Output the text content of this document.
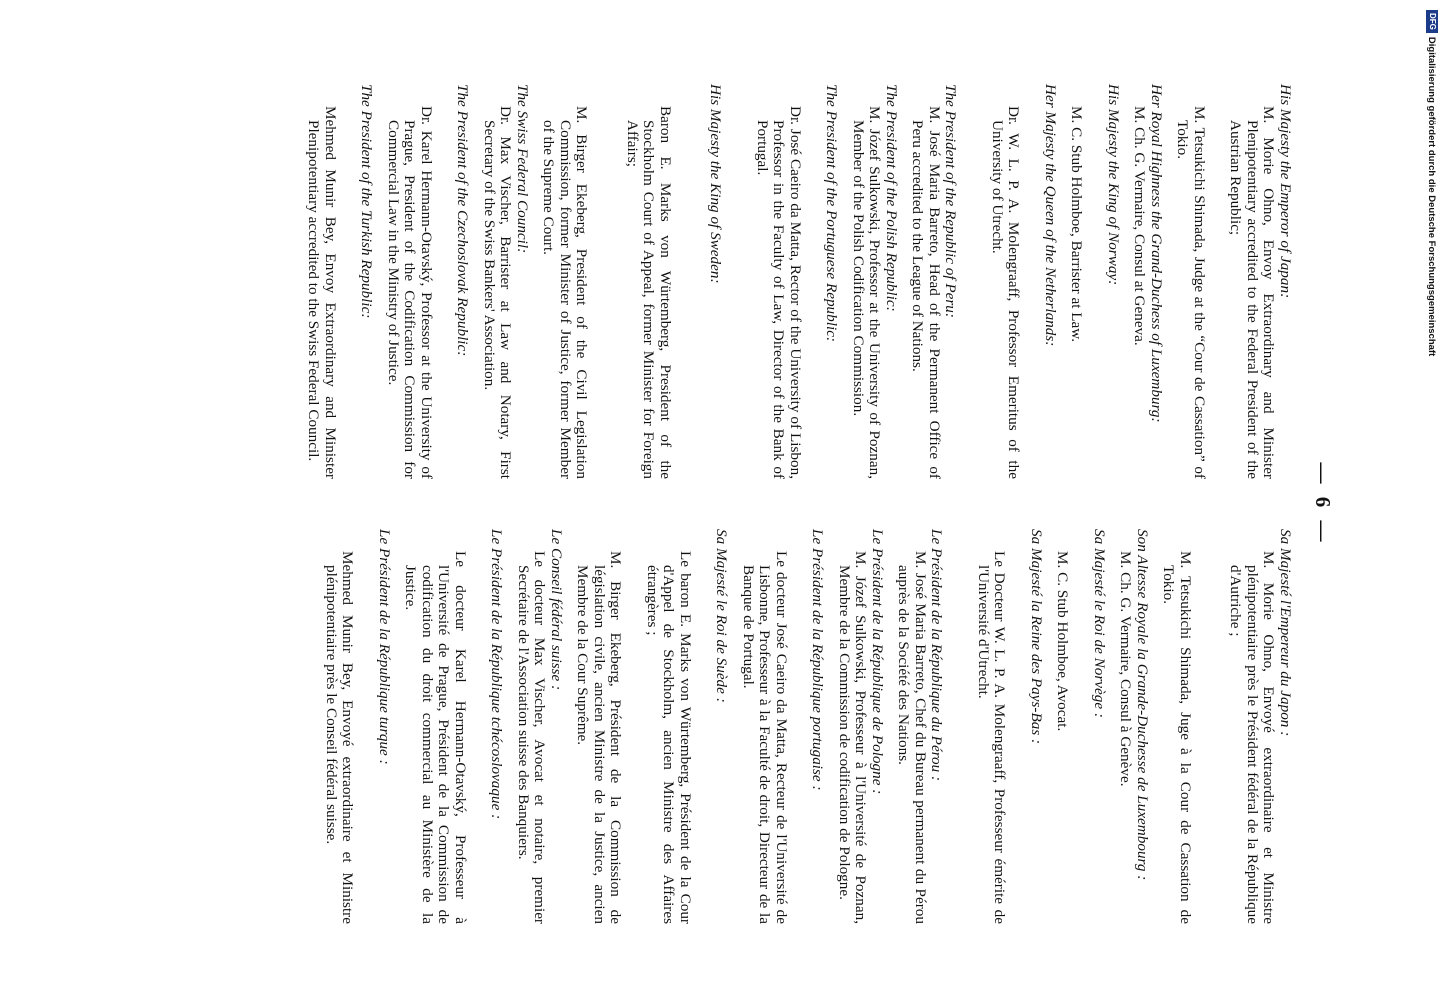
— 6 —

His Majesty the Emperor of Japan:

M. Morie Ohno, Envoy Extraordinary and Minister Plenipotentiary accredited to the Federal President of the Austrian Republic;

M. Tetsukichi Shimada, Judge at the “Cour de Cassation” of Tokio.

Her Royal Highness the Grand-Duchess of Luxemburg:

M. Ch. G. Vermaire, Consul at Geneva.

His Majesty the King of Norway:

M. C. Stub Holmboe, Barrister at Law.

Her Majesty the Queen of the Netherlands:

Dr. W. L. P. A. Molengraaff, Professor Emeritus of the University of Utrecht.

The President of the Republic of Peru:

M. José Maria Barreto, Head of the Permanent Office of Peru accredited to the League of Nations.

The President of the Polish Republic:

M. Józef Sulkowski, Professor at the University of Poznan, Member of the Polish Codification Commission.

The President of the Portuguese Republic:

Dr. José Caeiro da Matta, Rector of the University of Lisbon, Professor in the Faculty of Law, Director of the Bank of Portugal.

His Majesty the King of Sweden:

Baron E. Marks von Würtemberg, President of the Stockholm Court of Appeal, former Minister for Foreign Affairs;

M. Birger Ekeberg, President of the Civil Legislation Commission, former Minister of Justice, former Member of the Supreme Court.

The Swiss Federal Council:

Dr. Max Vischer, Barrister at Law and Notary, First Secretary of the Swiss Bankers' Association.

The President of the Czechoslovak Republic:

Dr. Karel Hermann-Otavský, Professor at the University of Prague, President of the Codification Commission for Commercial Law in the Ministry of Justice.

The President of the Turkish Republic:

Mehmed Munir Bey, Envoy Extraordinary and Minister Plenipotentiary accredited to the Swiss Federal Council.

Sa Majesté l'Empereur du Japon :

M. Morie Ohno, Envoyé extraordinaire et Ministre plénipotentiaire près le Président fédéral de la République d'Autriche ;

M. Tetsukichi Shimada, Juge à la Cour de Cassation de Tokio.

Son Altesse Royale la Grande-Duchesse de Luxembourg :

M. Ch. G. Vermaire, Consul à Genève.

Sa Majesté le Roi de Norvège :

M. C. Stub Holmboe, Avocat.

Sa Majesté la Reine des Pays-Bas :

Le Docteur W. L. P. A. Molengraaff, Professeur émérite de l'Université d'Utrecht.

Le Président de la République du Pérou :

M. José Maria Barreto, Chef du Bureau permanent du Pérou auprès de la Société des Nations.

Le Président de la République de Pologne :

M. Józef Sulkowski, Professeur à l'Université de Poznan, Membre de la Commission de codification de Pologne.

Le Président de la République portugaise :

Le docteur José Caeiro da Matta, Recteur de l'Université de Lisbonne, Professeur à la Faculté de droit, Directeur de la Banque de Portugal.

Sa Majesté le Roi de Suède :

Le baron E. Marks von Würtemberg, Président de la Cour d'Appel de Stockholm, ancien Ministre des Affaires étrangères ;

M. Birger Ekeberg, Président de la Commission de législation civile, ancien Ministre de la Justice, ancien Membre de la Cour Suprême.

Le Conseil fédéral suisse :

Le docteur Max Vischer, Avocat et notaire, premier Secrétaire de l'Association suisse des Banquiers.

Le Président de la République tchécoslovaque :

Le docteur Karel Hermann-Otavský, Professeur à l'Université de Prague, Président de la Commission de codification du droit commercial au Ministère de la Justice.

Le Président de la République turque :

Mehmed Munir Bey, Envoyé extraordinaire et Ministre plénipotentiaire près le Conseil fédéral suisse.

DFG
Digitalisierung gefördert durch die Deutsche Forschungsgemeinschaft
